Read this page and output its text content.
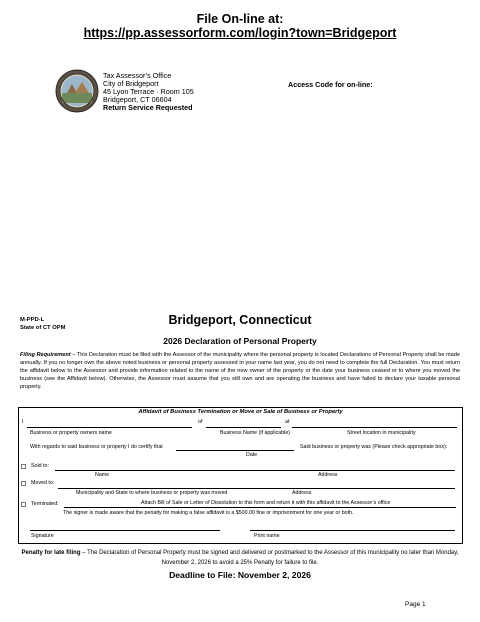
File On-line at:
https://pp.assessorform.com/login?town=Bridgeport
Tax Assessor’s Office
City of Bridgeport
45 Lyon Terrace · Room 105
Bridgeport, CT 06604
Return Service Requested
Access Code for on-line:
M-PPD-L
State of CT OPM
Bridgeport, Connecticut
2026 Declaration of Personal Property
Filing Requirement – This Declaration must be filed with the Assessor of the municipality where the personal property is located Declarations of Personal Property shall be made annually. If you no longer own the above noted business or personal property assessed in your name last year, you do not need to complete the full Declaration. You must return the affidavit below to the Assessor and provide information related to the name of the new owner of the property or the date your business ceased or to where you moved the business (see the Affidavit below). Otherwise, the Assessor must assume that you still own and are operating the business and have failed to declare your taxable personal property.
Affidavit of Business Termination or Move or Sale of Business or Property
I	of	at
Business or property owners name	Business Name (if applicable)	Street location in municipality
With regards to said business or property I do certify that	Said business or property was (Please check appropriate box):
Date
Sold to:
Name	Address
Moved to:
Municipality and State to where business or property was moved	Address
Terminated:	Attach Bill of Sale or Letter of Dissolution to this form and return it with this affidavit to the Assessor’s office
The signer is made aware that the penalty for making a false affidavit is a $500.00 fine or imprisonment for one year or both.
Signature	Print name
Penalty for late filing – The Declaration of Personal Property must be signed and delivered or postmarked to the Assessor of this municipality no later than Monday, November 2, 2026 to avoid a 25% Penalty for failure to file.
Deadline to File: November 2, 2026
Page 1
